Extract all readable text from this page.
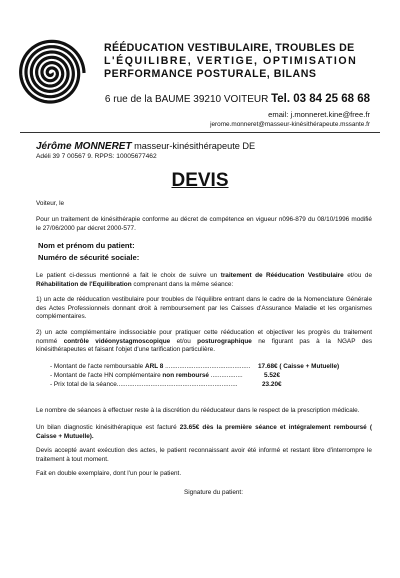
RÉÉDUCATION VESTIBULAIRE, TROUBLES DE
L'ÉQUILIBRE, VERTIGE, OPTIMISATION
PERFORMANCE POSTURALE, BILANS
6 rue de la BAUME 39210 VOITEUR Tel. 03 84 25 68 68
email: j.monneret.kine@free.fr
jerome.monneret@masseur-kinésithérapeute.mssante.fr
Jérôme MONNERET masseur-kinésithérapeute DE
Adéli 39 7 00567 9. RPPS: 10005677462
DEVIS
Voiteur, le
Pour un traitement de kinésithérapie conforme au décret de compétence en vigueur n096-879 du 08/10/1996 modifié le 27/06/2000 par décret 2000-577.
Nom et prénom du patient:
Numéro de sécurité sociale:
Le patient ci-dessus mentionné a fait le choix de suivre un traitement de Rééducation Vestibulaire et/ou de Réhabilitation de l'Equilibration comprenant dans la même séance:
1) un acte de rééducation vestibulaire pour troubles de l'équilibre entrant dans le cadre de la Nomenclature Générale des Actes Professionnels donnant droit à remboursement par les Caisses d'Assurance Maladie et les organismes complémentaires.
2) un acte complémentaire indissociable pour pratiquer cette rééducation et objectiver les progrès du traitement nommé contrôle vidéonystagmoscopique et/ou posturographique ne figurant pas à la NGAP des kinésithérapeutes et faisant l'objet d'une tarification particulière.
- Montant de l'acte remboursable ARL 8 ................................................ 17.68€ ( Caisse + Mutuelle)
- Montant de l'acte HN complémentaire non remboursé ..................	5.52€
- Prix total de la séance....................................................................	23.20€
Le nombre de séances à effectuer reste à la discrétion du rééducateur dans le respect de la prescription médicale.
Un bilan diagnostic kinésithérapique est facturé 23.65€ dès la première séance et intégralement remboursé ( Caisse + Mutuelle).
Devis accepté avant exécution des actes, le patient reconnaissant avoir été informé et restant libre d'interrompre le traitement à tout moment.
Fait en double exemplaire, dont l'un pour le patient.
Signature du patient:
